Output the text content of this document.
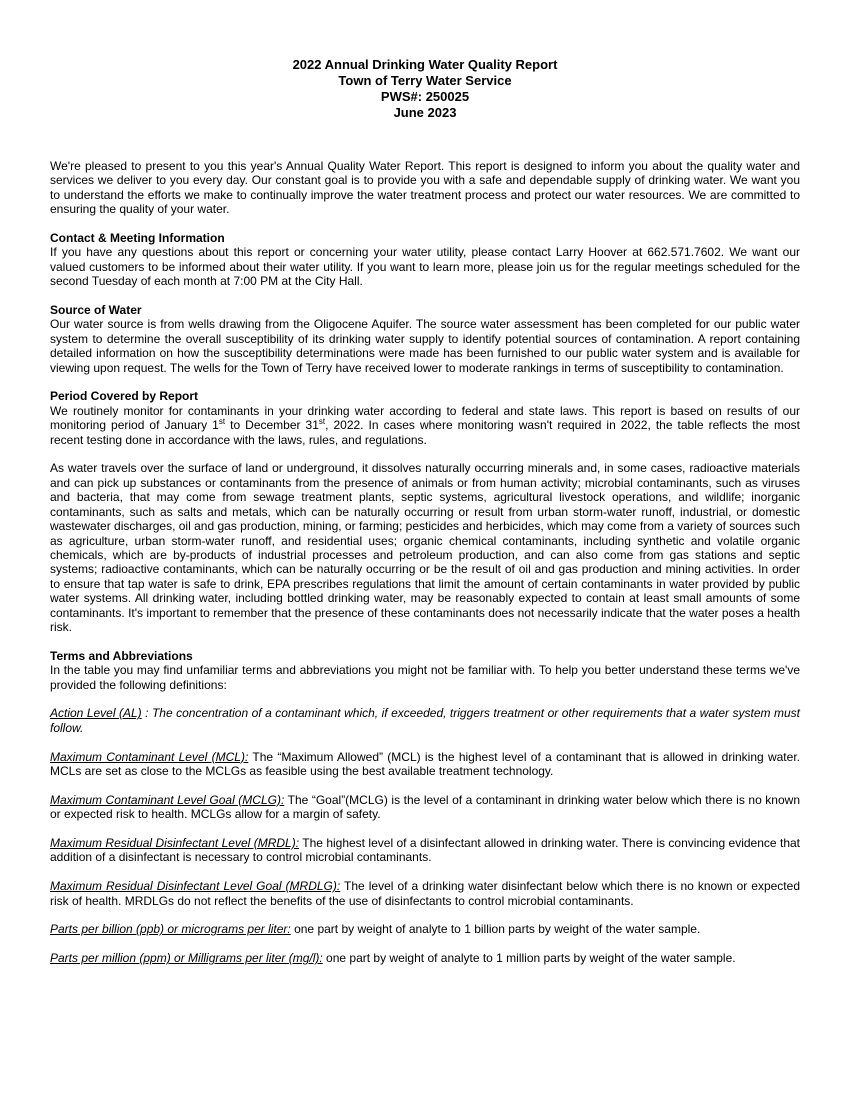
2022 Annual Drinking Water Quality Report
Town of Terry Water Service
PWS#: 250025
June 2023

We're pleased to present to you this year's Annual Quality Water Report. This report is designed to inform you about the quality water and services we deliver to you every day. Our constant goal is to provide you with a safe and dependable supply of drinking water. We want you to understand the efforts we make to continually improve the water treatment process and protect our water resources. We are committed to ensuring the quality of your water.

Contact & Meeting Information

If you have any questions about this report or concerning your water utility, please contact Larry Hoover at 662.571.7602. We want our valued customers to be informed about their water utility. If you want to learn more, please join us for the regular meetings scheduled for the second Tuesday of each month at 7:00 PM at the City Hall.

Source of Water

Our water source is from wells drawing from the Oligocene Aquifer. The source water assessment has been completed for our public water system to determine the overall susceptibility of its drinking water supply to identify potential sources of contamination. A report containing detailed information on how the susceptibility determinations were made has been furnished to our public water system and is available for viewing upon request. The wells for the Town of Terry have received lower to moderate rankings in terms of susceptibility to contamination.

Period Covered by Report

We routinely monitor for contaminants in your drinking water according to federal and state laws. This report is based on results of our monitoring period of January 1st to December 31st, 2022. In cases where monitoring wasn't required in 2022, the table reflects the most recent testing done in accordance with the laws, rules, and regulations.

As water travels over the surface of land or underground, it dissolves naturally occurring minerals and, in some cases, radioactive materials and can pick up substances or contaminants from the presence of animals or from human activity; microbial contaminants, such as viruses and bacteria, that may come from sewage treatment plants, septic systems, agricultural livestock operations, and wildlife; inorganic contaminants, such as salts and metals, which can be naturally occurring or result from urban storm-water runoff, industrial, or domestic wastewater discharges, oil and gas production, mining, or farming; pesticides and herbicides, which may come from a variety of sources such as agriculture, urban storm-water runoff, and residential uses; organic chemical contaminants, including synthetic and volatile organic chemicals, which are by-products of industrial processes and petroleum production, and can also come from gas stations and septic systems; radioactive contaminants, which can be naturally occurring or be the result of oil and gas production and mining activities. In order to ensure that tap water is safe to drink, EPA prescribes regulations that limit the amount of certain contaminants in water provided by public water systems. All drinking water, including bottled drinking water, may be reasonably expected to contain at least small amounts of some contaminants. It's important to remember that the presence of these contaminants does not necessarily indicate that the water poses a health risk.

Terms and Abbreviations

In the table you may find unfamiliar terms and abbreviations you might not be familiar with. To help you better understand these terms we've provided the following definitions:

Action Level (AL) : The concentration of a contaminant which, if exceeded, triggers treatment or other requirements that a water system must follow.

Maximum Contaminant Level (MCL): The “Maximum Allowed” (MCL) is the highest level of a contaminant that is allowed in drinking water. MCLs are set as close to the MCLGs as feasible using the best available treatment technology.

Maximum Contaminant Level Goal (MCLG): The “Goal”(MCLG) is the level of a contaminant in drinking water below which there is no known or expected risk to health. MCLGs allow for a margin of safety.

Maximum Residual Disinfectant Level (MRDL): The highest level of a disinfectant allowed in drinking water. There is convincing evidence that addition of a disinfectant is necessary to control microbial contaminants.

Maximum Residual Disinfectant Level Goal (MRDLG): The level of a drinking water disinfectant below which there is no known or expected risk of health. MRDLGs do not reflect the benefits of the use of disinfectants to control microbial contaminants.

Parts per billion (ppb) or micrograms per liter: one part by weight of analyte to 1 billion parts by weight of the water sample.

Parts per million (ppm) or Milligrams per liter (mg/l): one part by weight of analyte to 1 million parts by weight of the water sample.
